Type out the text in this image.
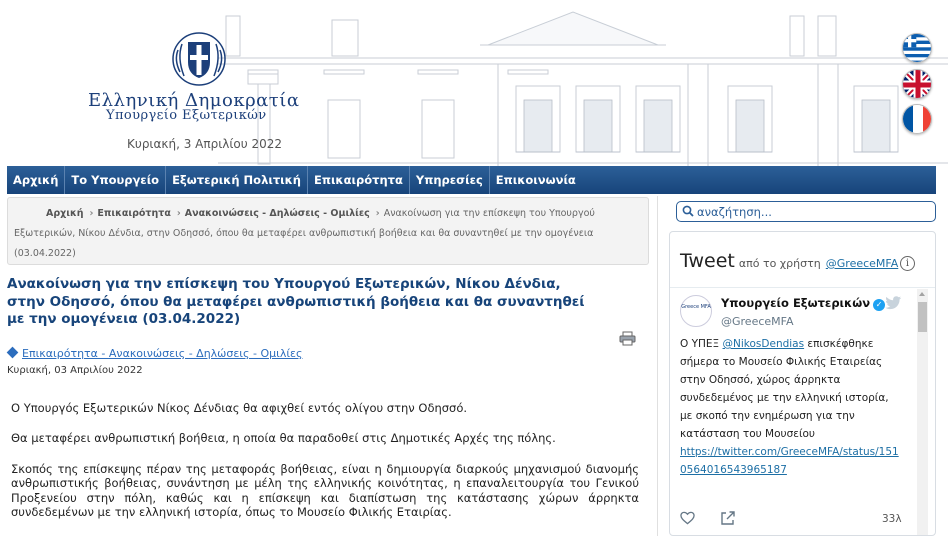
Ελληνική Δημοκρατία
Υπουργείο Εξωτερικών
Κυριακή, 3 Απριλίου 2022
Αρχική	Το Υπουργείο	Εξωτερική Πολιτική	Επικαιρότητα	Υπηρεσίες	Επικοινωνία
Αρχική › Επικαιρότητα › Ανακοινώσεις - Δηλώσεις - Ομιλίες › Ανακοίνωση για την επίσκεψη του Υπουργού Εξωτερικών, Νίκου Δένδια, στην Οδησσό, όπου θα μεταφέρει ανθρωπιστική βοήθεια και θα συναντηθεί με την ομογένεια (03.04.2022)
Ανακοίνωση για την επίσκεψη του Υπουργού Εξωτερικών, Νίκου Δένδια, στην Οδησσό, όπου θα μεταφέρει ανθρωπιστική βοήθεια και θα συναντηθεί με την ομογένεια (03.04.2022)
Επικαιρότητα - Ανακοινώσεις - Δηλώσεις - Ομιλίες
Κυριακή, 03 Απριλίου 2022

Ο Υπουργός Εξωτερικών Νίκος Δένδιας θα αφιχθεί εντός ολίγου στην Οδησσό.

Θα μεταφέρει ανθρωπιστική βοήθεια, η οποία θα παραδοθεί στις Δημοτικές Αρχές της πόλης.

Σκοπός της επίσκεψης πέραν της μεταφοράς βοήθειας, είναι η δημιουργία διαρκούς μηχανισμού διανομής ανθρωπιστικής βοήθειας, συνάντηση με μέλη της ελληνικής κοινότητας, η επαναλειτουργία του Γενικού Προξενείου στην πόλη, καθώς και η επίσκεψη και διαπίστωση της κατάστασης χώρων άρρηκτα συνδεδεμένων με την ελληνική ιστορία, όπως το Μουσείο Φιλικής Εταιρίας.

αναζήτηση...
Tweet από το χρήστη @GreeceMFA i
Greece MFA Υπουργείο Εξωτερικών ✓
@GreeceMFA
Ο ΥΠΕΞ @NikosDendias επισκέφθηκε σήμερα το Μουσείο Φιλικής Εταιρείας στην Οδησσό, χώρος άρρηκτα συνδεδεμένος με την ελληνική ιστορία, με σκοπό την ενημέρωση για την κατάσταση του Μουσείου
https://twitter.com/GreeceMFA/status/1510564016543965187
33λ
